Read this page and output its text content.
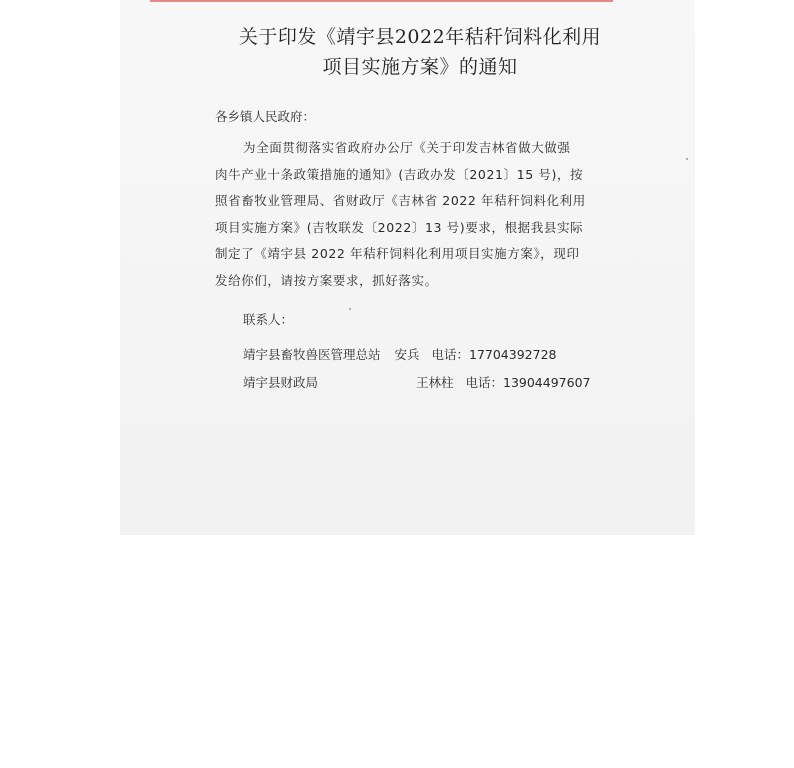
关于印发《靖宇县2022年秸秆饲料化利用
项目实施方案》的通知
各乡镇人民政府：
为全面贯彻落实省政府办公厅《关于印发吉林省做大做强
肉牛产业十条政策措施的通知》(吉政办发〔2021〕15 号)，按
照省畜牧业管理局、省财政厅《吉林省 2022 年秸秆饲料化利用
项目实施方案》(吉牧联发〔2022〕13 号)要求，根据我县实际
制定了《靖宇县 2022 年秸秆饲料化利用项目实施方案》，现印
发给你们，请按方案要求，抓好落实。
联系人：
靖宇县畜牧兽医管理总站 安兵 电话：17704392728
靖宇县财政局	王林柱 电话：13904497607
